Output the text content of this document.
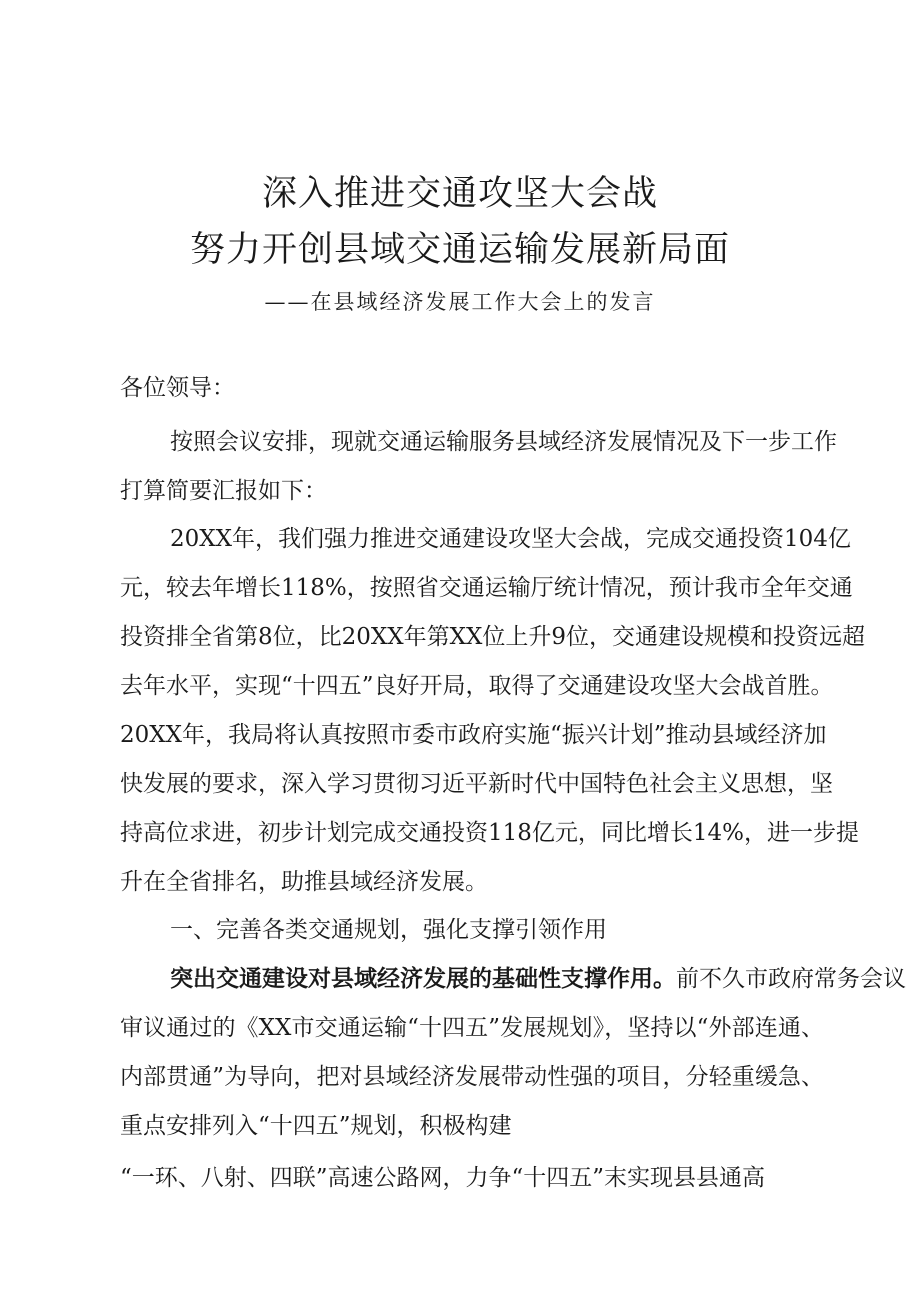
深入推进交通攻坚大会战
努力开创县域交通运输发展新局面
——在县域经济发展工作大会上的发言
各位领导：
按照会议安排，现就交通运输服务县域经济发展情况及下一步工作
打算简要汇报如下：
20XX年，我们强力推进交通建设攻坚大会战，完成交通投资104亿
元，较去年增长118%，按照省交通运输厅统计情况，预计我市全年交通
投资排全省第8位，比20XX年第XX位上升9位，交通建设规模和投资远超
去年水平，实现“十四五”良好开局，取得了交通建设攻坚大会战首胜。
20XX年，我局将认真按照市委市政府实施“振兴计划”推动县域经济加
快发展的要求，深入学习贯彻习近平新时代中国特色社会主义思想，坚
持高位求进，初步计划完成交通投资118亿元，同比增长14%，进一步提
升在全省排名，助推县域经济发展。
一、完善各类交通规划，强化支撑引领作用
突出交通建设对县域经济发展的基础性支撑作用。前不久市政府常务会议
审议通过的《XX市交通运输“十四五”发展规划》，坚持以“外部连通、
内部贯通”为导向，把对县域经济发展带动性强的项目，分轻重缓急、
重点安排列入“十四五”规划，积极构建
“一环、八射、四联”高速公路网，力争“十四五”末实现县县通高
